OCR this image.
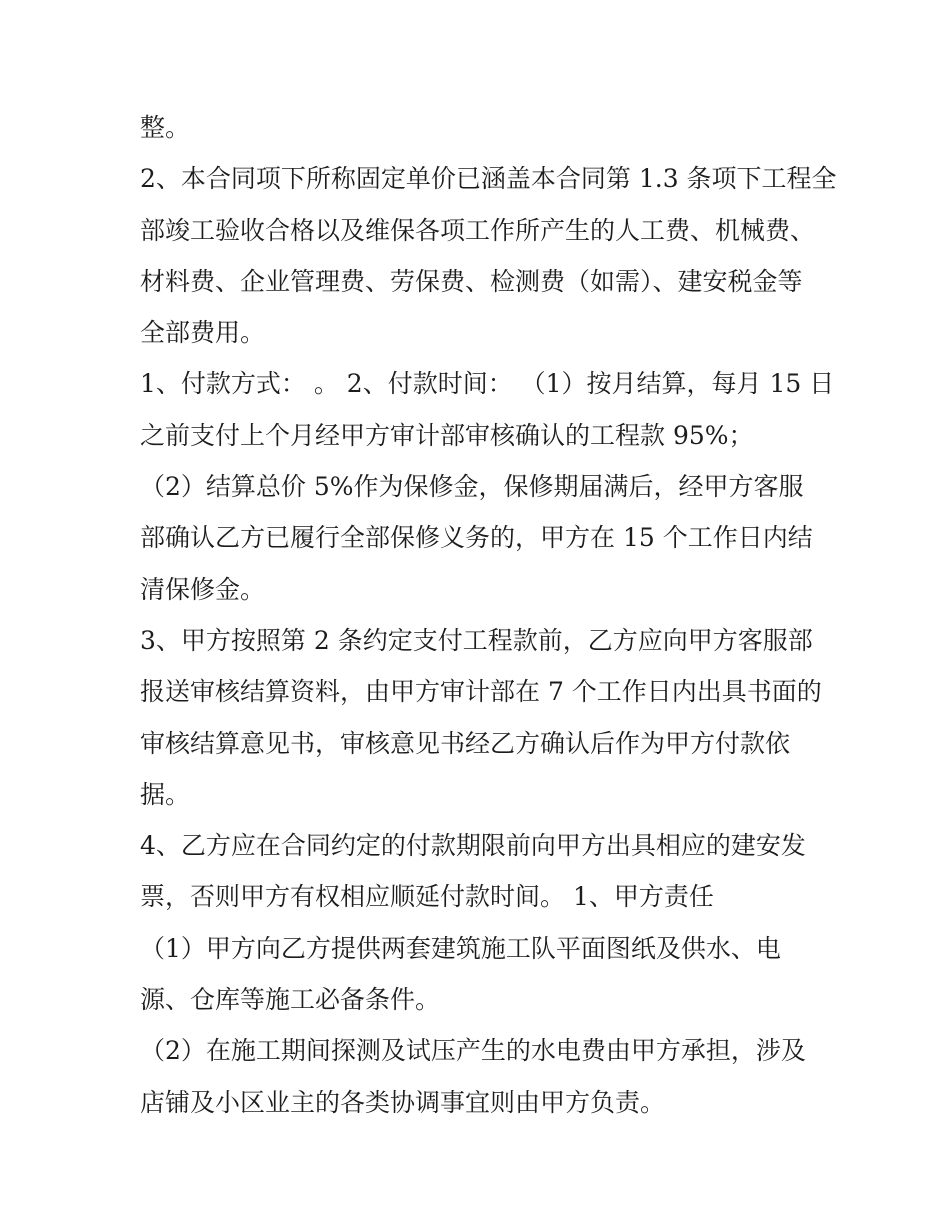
整。
2、本合同项下所称固定单价已涵盖本合同第 1.3 条项下工程全
部竣工验收合格以及维保各项工作所产生的人工费、机械费、
材料费、企业管理费、劳保费、检测费（如需）、建安税金等
全部费用。
1、付款方式： 。 2、付款时间： （1）按月结算，每月 15 日
之前支付上个月经甲方审计部审核确认的工程款 95%；
（2）结算总价 5%作为保修金，保修期届满后，经甲方客服
部确认乙方已履行全部保修义务的，甲方在 15 个工作日内结
清保修金。
3、甲方按照第 2 条约定支付工程款前，乙方应向甲方客服部
报送审核结算资料，由甲方审计部在 7 个工作日内出具书面的
审核结算意见书，审核意见书经乙方确认后作为甲方付款依
据。
4、乙方应在合同约定的付款期限前向甲方出具相应的建安发
票，否则甲方有权相应顺延付款时间。 1、甲方责任
（1）甲方向乙方提供两套建筑施工队平面图纸及供水、电
源、仓库等施工必备条件。
（2）在施工期间探测及试压产生的水电费由甲方承担，涉及
店铺及小区业主的各类协调事宜则由甲方负责。
